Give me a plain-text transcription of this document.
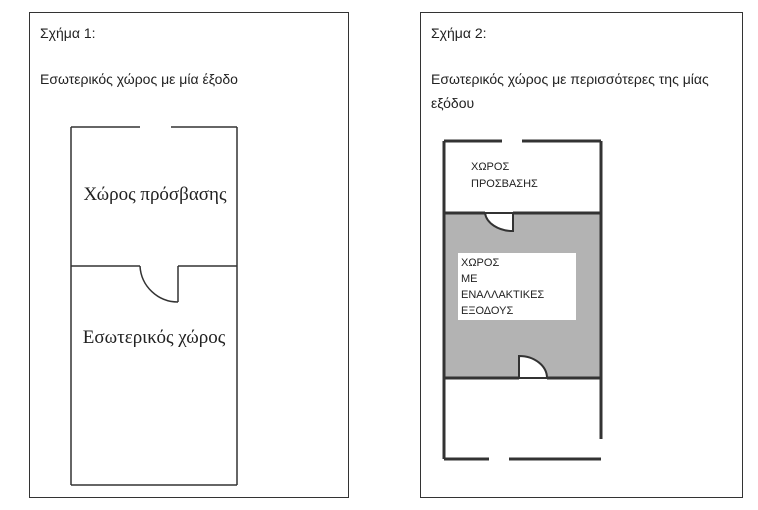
Σχήμα 1:
Εσωτερικός χώρος με μία έξοδο
Χώρος πρόσβασης
Εσωτερικός χώρος
Σχήμα 2:
Εσωτερικός χώρος με περισσότερες της μίας εξόδου
ΧΩΡΟΣ
ΠΡΟΣΒΑΣΗΣ
ΧΩΡΟΣ
ΜΕ
ΕΝΑΛΛΑΚΤΙΚΕΣ
ΕΞΟΔΟΥΣ
